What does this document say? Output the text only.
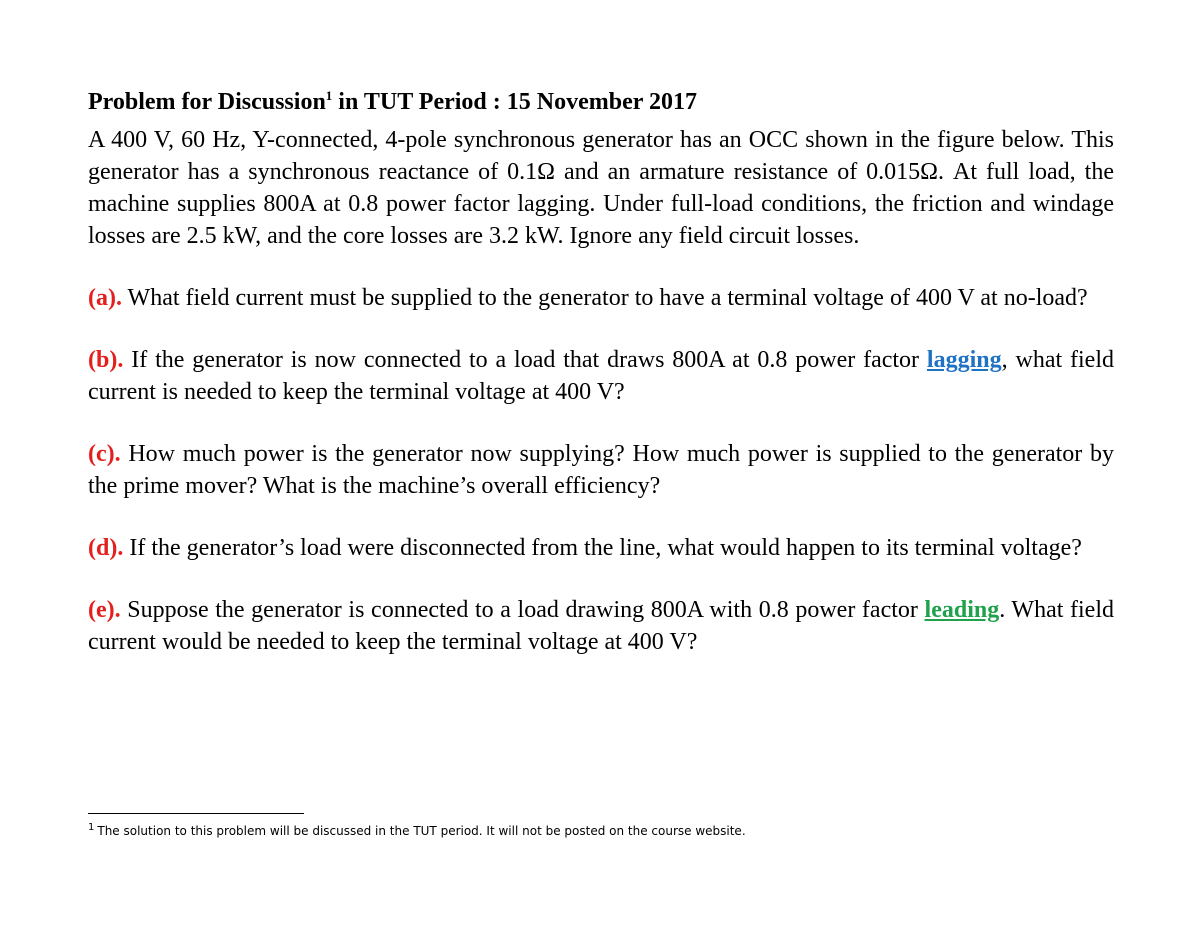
Problem for Discussion$^1$ in TUT Period : 15 November 2017

A 400 V, 60 Hz, Y-connected, 4-pole synchronous generator has an OCC shown in the figure below. This generator has a synchronous reactance of 0.1Ω and an armature resistance of 0.015Ω. At full load, the machine supplies 800A at 0.8 power factor lagging. Under full-load conditions, the friction and windage losses are 2.5 kW, and the core losses are 3.2 kW. Ignore any field circuit losses.

(a). What field current must be supplied to the generator to have a terminal voltage of 400 V at no-load?

(b). If the generator is now connected to a load that draws 800A at 0.8 power factor lagging, what field current is needed to keep the terminal voltage at 400 V?

(c). How much power is the generator now supplying? How much power is supplied to the generator by the prime mover? What is the machine’s overall efficiency?

(d). If the generator’s load were disconnected from the line, what would happen to its terminal voltage?

(e). Suppose the generator is connected to a load drawing 800A with 0.8 power factor leading. What field current would be needed to keep the terminal voltage at 400 V?

$^1$ The solution to this problem will be discussed in the TUT period. It will not be posted on the course website.
